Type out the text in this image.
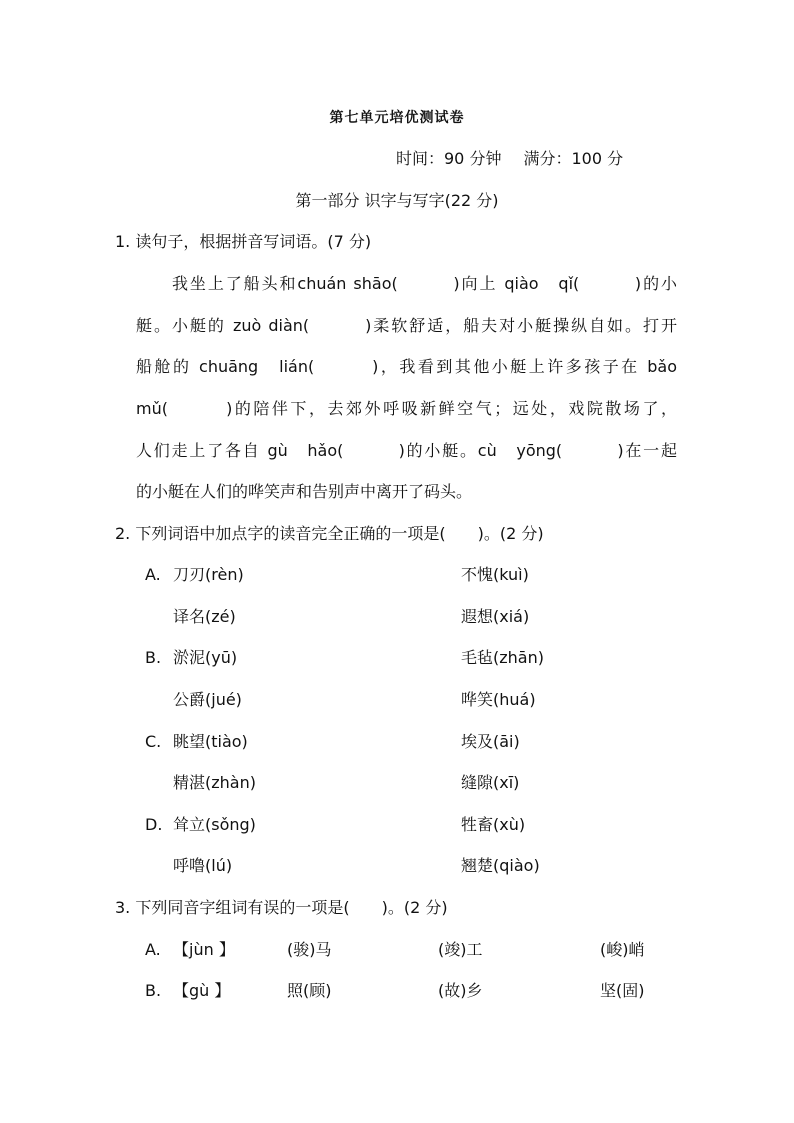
第七单元培优测试卷
时间：90 分钟 满分：100 分
第一部分 识字与写字(22 分)
1. 读句子，根据拼音写词语。(7 分)
我坐上了船头和chuán shāo(　　　)向上 qiào　qǐ(　　　)的小
艇。小艇的 zuò diàn(　　　)柔软舒适，船夫对小艇操纵自如。打开
船舱的 chuāng　lián(　　　)，我看到其他小艇上许多孩子在 bǎo
mǔ(　　　)的陪伴下，去郊外呼吸新鲜空气；远处，戏院散场了，
人们走上了各自 gù　hǎo(　　　)的小艇。cù　yōng(　　　)在一起
的小艇在人们的哗笑声和告别声中离开了码头。
2. 下列词语中加点字的读音完全正确的一项是(　　)。(2 分)
A. 刀刃(rèn)	不愧(kuì)
译名(zé)	遐想(xiá)
B. 淤泥(yū)	毛毡(zhān)
公爵(jué)	哗笑(huá)
C. 眺望(tiào)	埃及(āi)
精湛(zhàn)	缝隙(xī)
D. 耸立(sǒng)	牲畜(xù)
呼噜(lú)	翘楚(qiào)
3. 下列同音字组词有误的一项是(　　)。(2 分)
A. 【jùn 】	(骏)马	(竣)工	(峻)峭
B. 【gù 】	照(顾)	(故)乡	坚(固)
